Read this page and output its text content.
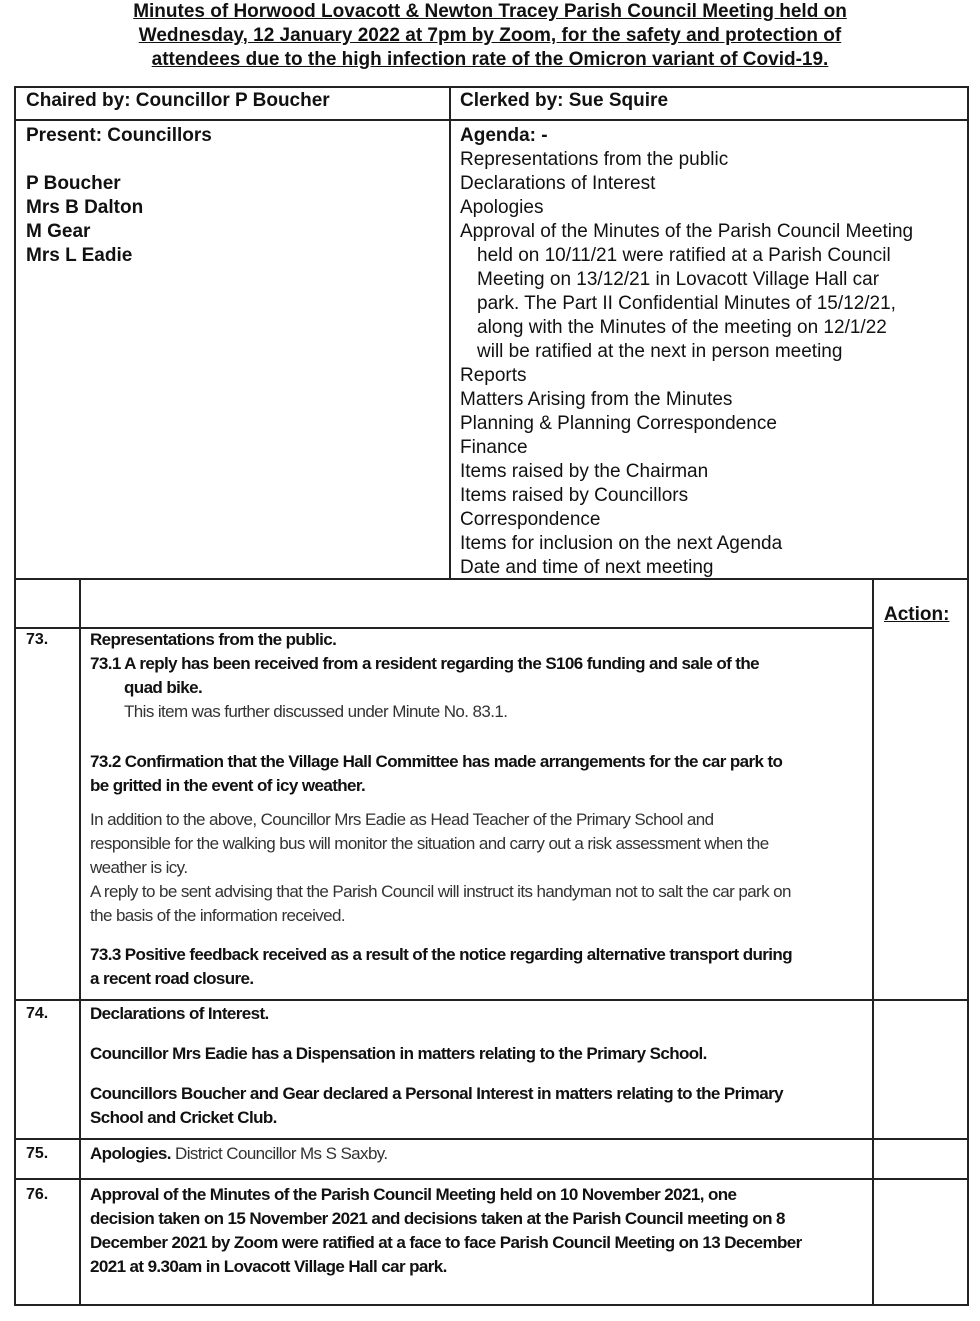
Minutes of Horwood Lovacott & Newton Tracey Parish Council Meeting held on
Wednesday, 12 January 2022 at 7pm by Zoom, for the safety and protection of
attendees due to the high infection rate of the Omicron variant of Covid-19.
Chaired by: Councillor P Boucher	Clerked by: Sue Squire
Present: Councillors
P Boucher
Mrs B Dalton
M Gear
Mrs L Eadie
Agenda: -
Representations from the public
Declarations of Interest
Apologies
Approval of the Minutes of the Parish Council Meeting
held on 10/11/21 were ratified at a Parish Council
Meeting on 13/12/21 in Lovacott Village Hall car
park. The Part II Confidential Minutes of 15/12/21,
along with the Minutes of the meeting on 12/1/22
will be ratified at the next in person meeting
Reports
Matters Arising from the Minutes
Planning & Planning Correspondence
Finance
Items raised by the Chairman
Items raised by Councillors
Correspondence
Items for inclusion on the next Agenda
Date and time of next meeting
Action:
73. Representations from the public.
73.1 A reply has been received from a resident regarding the S106 funding and sale of the
quad bike.
This item was further discussed under Minute No. 83.1.
73.2 Confirmation that the Village Hall Committee has made arrangements for the car park to
be gritted in the event of icy weather.
In addition to the above, Councillor Mrs Eadie as Head Teacher of the Primary School and
responsible for the walking bus will monitor the situation and carry out a risk assessment when the
weather is icy.
A reply to be sent advising that the Parish Council will instruct its handyman not to salt the car park on
the basis of the information received.
73.3 Positive feedback received as a result of the notice regarding alternative transport during
a recent road closure.
74. Declarations of Interest.
Councillor Mrs Eadie has a Dispensation in matters relating to the Primary School.
Councillors Boucher and Gear declared a Personal Interest in matters relating to the Primary
School and Cricket Club.
75. Apologies. District Councillor Ms S Saxby.
76. Approval of the Minutes of the Parish Council Meeting held on 10 November 2021, one
decision taken on 15 November 2021 and decisions taken at the Parish Council meeting on 8
December 2021 by Zoom were ratified at a face to face Parish Council Meeting on 13 December
2021 at 9.30am in Lovacott Village Hall car park.
